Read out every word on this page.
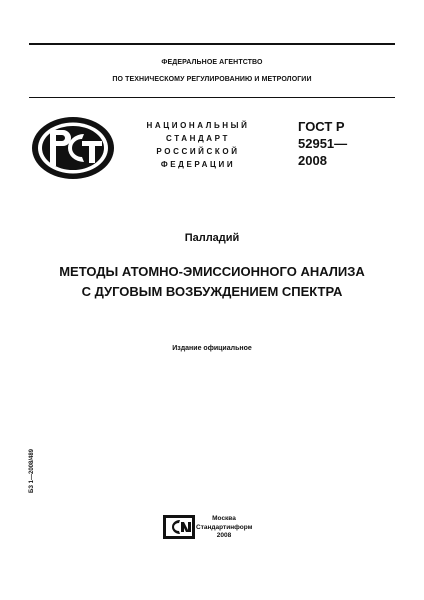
ФЕДЕРАЛЬНОЕ АГЕНТСТВО
ПО ТЕХНИЧЕСКОМУ РЕГУЛИРОВАНИЮ И МЕТРОЛОГИИ
НАЦИОНАЛЬНЫЙ
СТАНДАРТ
РОССИЙСКОЙ
ФЕДЕРАЦИИ
ГОСТ Р
52951—
2008
Палладий
МЕТОДЫ АТОМНО-ЭМИССИОННОГО АНАЛИЗА
С ДУГОВЫМ ВОЗБУЖДЕНИЕМ СПЕКТРА
Издание официальное
БЗ 1—2008/489
Москва
Стандартинформ
2008
